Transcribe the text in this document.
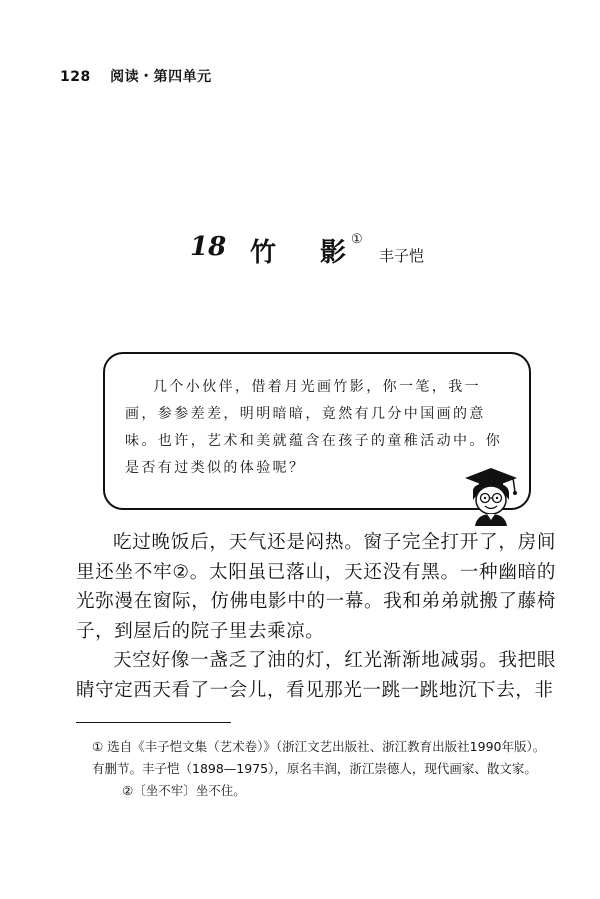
128 阅读・第四单元
18 竹 影 ①
丰子恺
几个小伙伴，借着月光画竹影，你一笔，我一画，参参差差，明明暗暗，竟然有几分中国画的意味。也许，艺术和美就蕴含在孩子的童稚活动中。你是否有过类似的体验呢？

吃过晚饭后，天气还是闷热。窗子完全打开了，房间里还坐不牢②。太阳虽已落山，天还没有黑。一种幽暗的光弥漫在窗际，仿佛电影中的一幕。我和弟弟就搬了藤椅子，到屋后的院子里去乘凉。

天空好像一盏乏了油的灯，红光渐渐地减弱。我把眼睛守定西天看了一会儿，看见那光一跳一跳地沉下去，非

① 选自《丰子恺文集（艺术卷）》（浙江文艺出版社、浙江教育出版社1990年版）。有删节。丰子恺（1898—1975），原名丰润，浙江崇德人，现代画家、散文家。②〔坐不牢〕坐不住。
